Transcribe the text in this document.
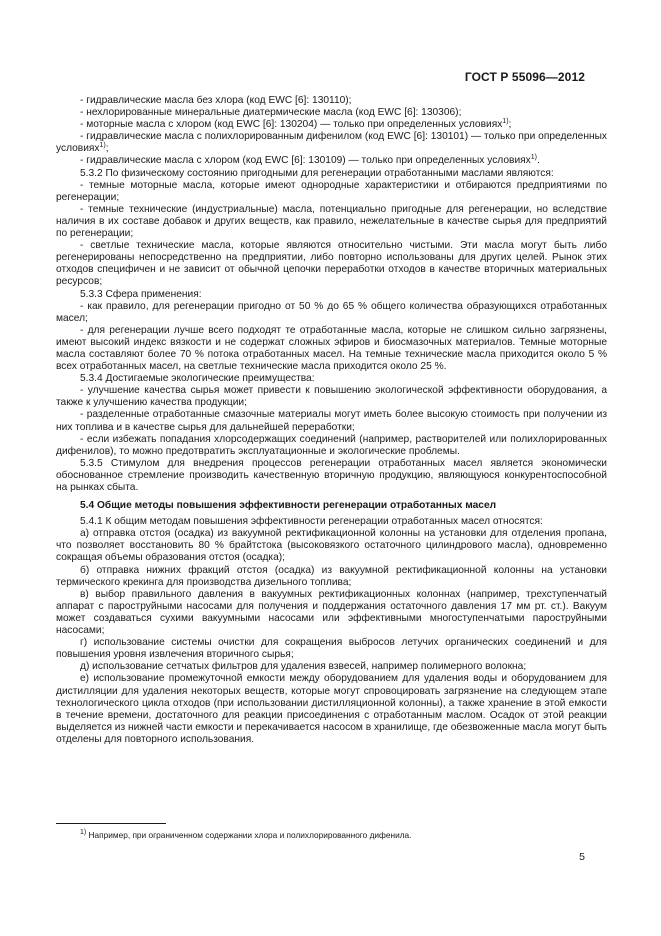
ГОСТ Р 55096—2012

- гидравлические масла без хлора (код EWC [6]: 130110);

- нехлорированные минеральные диатермические масла (код EWC [6]: 130306);

- моторные масла с хлором (код EWC [6]: 130204) — только при определенных условиях$^{1)}$;

- гидравлические масла с полихлорированным дифенилом (код EWC [6]: 130101) — только при определенных условиях$^{1)}$;

- гидравлические масла с хлором (код EWC [6]: 130109) — только при определенных условиях$^{1)}$.

5.3.2 По физическому состоянию пригодными для регенерации отработанными маслами являются:

- темные моторные масла, которые имеют однородные характеристики и отбираются предприятиями по регенерации;

- темные технические (индустриальные) масла, потенциально пригодные для регенерации, но вследствие наличия в их составе добавок и других веществ, как правило, нежелательные в качестве сырья для предприятий по регенерации;

- светлые технические масла, которые являются относительно чистыми. Эти масла могут быть либо регенерированы непосредственно на предприятии, либо повторно использованы для других целей. Рынок этих отходов специфичен и не зависит от обычной цепочки переработки отходов в качестве вторичных материальных ресурсов;

5.3.3 Сфера применения:

- как правило, для регенерации пригодно от 50 % до 65 % общего количества образующихся отработанных масел;

- для регенерации лучше всего подходят те отработанные масла, которые не слишком сильно загрязнены, имеют высокий индекс вязкости и не содержат сложных эфиров и биосмазочных материалов. Темные моторные масла составляют более 70 % потока отработанных масел. На темные технические масла приходится около 5 % всех отработанных масел, на светлые технические масла приходится около 25 %.

5.3.4 Достигаемые экологические преимущества:

- улучшение качества сырья может привести к повышению экологической эффективности оборудования, а также к улучшению качества продукции;

- разделенные отработанные смазочные материалы могут иметь более высокую стоимость при получении из них топлива и в качестве сырья для дальнейшей переработки;

- если избежать попадания хлорсодержащих соединений (например, растворителей или полихлорированных дифенилов), то можно предотвратить эксплуатационные и экологические проблемы.

5.3.5 Стимулом для внедрения процессов регенерации отработанных масел является экономически обоснованное стремление производить качественную вторичную продукцию, являющуюся конкурентоспособной на рынках сбыта.

5.4 Общие методы повышения эффективности регенерации отработанных масел

5.4.1 К общим методам повышения эффективности регенерации отработанных масел относятся:

а) отправка отстоя (осадка) из вакуумной ректификационной колонны на установки для отделения пропана, что позволяет восстановить 80 % брайтстока (высоковязкого остаточного цилиндрового масла), одновременно сокращая объемы образования отстоя (осадка);

б) отправка нижних фракций отстоя (осадка) из вакуумной ректификационной колонны на установки термического крекинга для производства дизельного топлива;

в) выбор правильного давления в вакуумных ректификационных колоннах (например, трехступенчатый аппарат с пароструйными насосами для получения и поддержания остаточного давления 17 мм рт. ст.). Вакуум может создаваться сухими вакуумными насосами или эффективными многоступенчатыми пароструйными насосами;

г) использование системы очистки для сокращения выбросов летучих органических соединений и для повышения уровня извлечения вторичного сырья;

д) использование сетчатых фильтров для удаления взвесей, например полимерного волокна;

е) использование промежуточной емкости между оборудованием для удаления воды и оборудованием для дистилляции для удаления некоторых веществ, которые могут спровоцировать загрязнение на следующем этапе технологического цикла отходов (при использовании дистилляционной колонны), а также хранение в этой емкости в течение времени, достаточного для реакции присоединения с отработанным маслом. Осадок от этой реакции выделяется из нижней части емкости и перекачивается насосом в хранилище, где обезвоженные масла могут быть отделены для повторного использования.

$^{1)}$ Например, при ограниченном содержании хлора и полихлорированного дифенила.
5
